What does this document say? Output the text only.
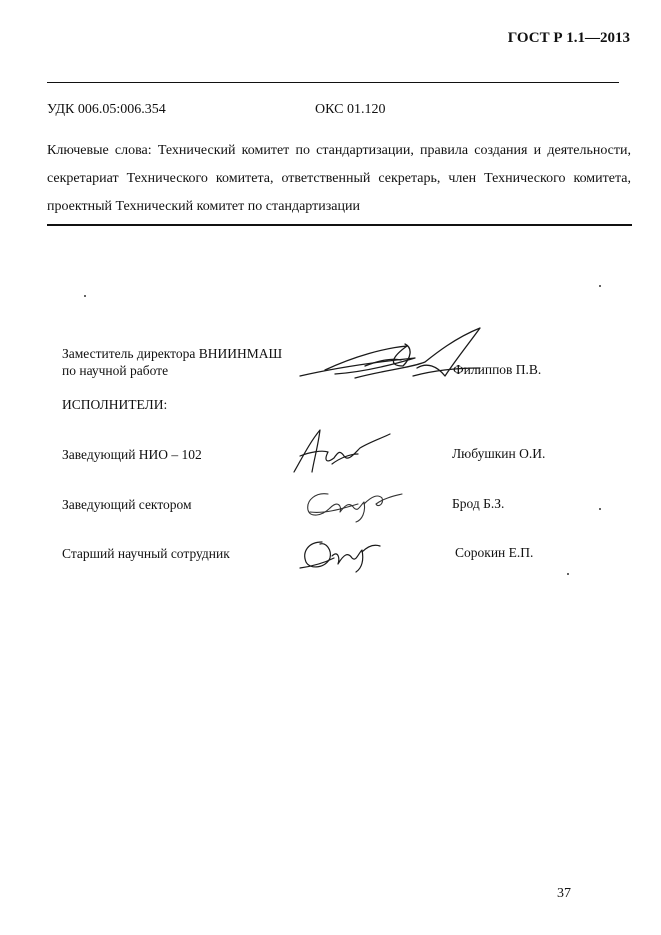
ГОСТ Р 1.1—2013
УДК 006.05:006.354	ОКС 01.120
Ключевые слова: Технический комитет по стандартизации, правила создания и деятельности, секретариат Технического комитета, ответственный секретарь, член Технического комитета, проектный Технический комитет по стандартизации
Заместитель директора ВНИИНМАШ
по научной работе	Филиппов П.В.
ИСПОЛНИТЕЛИ:
Заведующий НИО – 102	Любушкин О.И.
Заведующий сектором	Брод Б.З.
Старший научный сотрудник	Сорокин Е.П.
37
